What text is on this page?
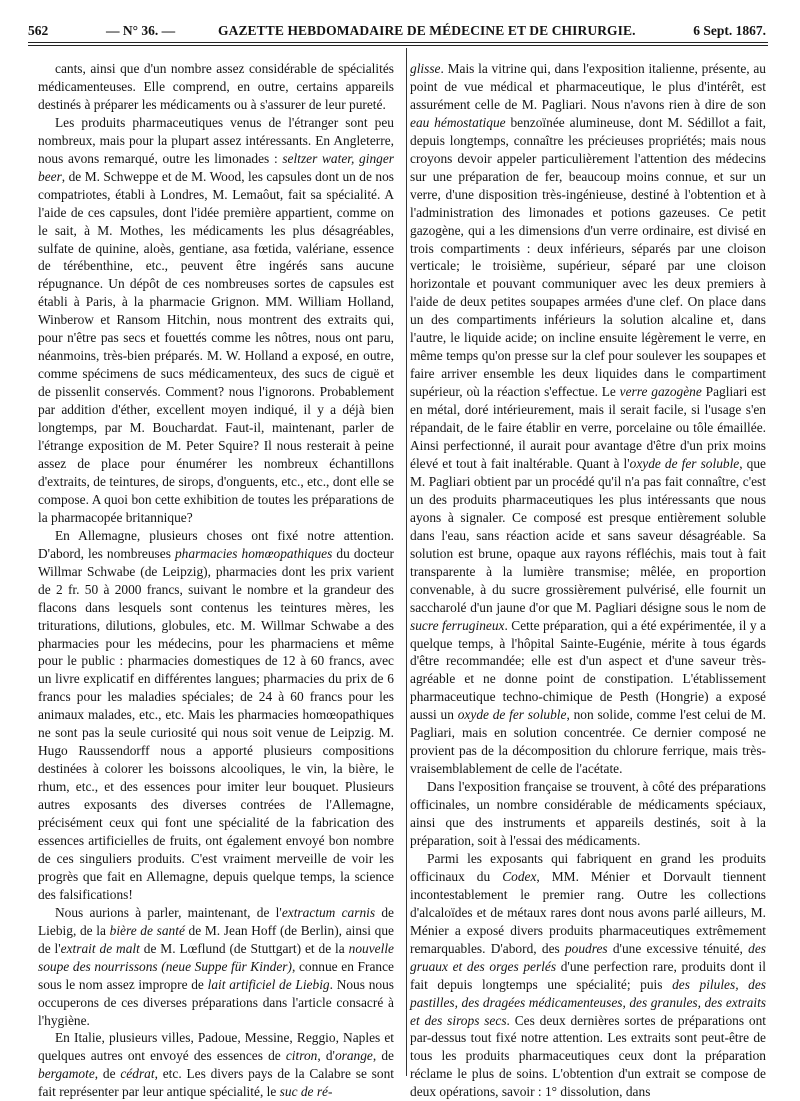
562	— N° 36. —	GAZETTE HEBDOMADAIRE DE MÉDECINE ET DE CHIRURGIE.	6 Sept. 1867.

cants, ainsi que d'un nombre assez considérable de spécialités médicamenteuses. Elle comprend, en outre, certains appareils destinés à préparer les médicaments ou à s'assurer de leur pureté.

Les produits pharmaceutiques venus de l'étranger sont peu nombreux, mais pour la plupart assez intéressants. En Angleterre, nous avons remarqué, outre les limonades : seltzer water, ginger beer, de M. Schweppe et de M. Wood, les capsules dont un de nos compatriotes, établi à Londres, M. Lemaôut, fait sa spécialité. A l'aide de ces capsules, dont l'idée première appartient, comme on le sait, à M. Mothes, les médicaments les plus désagréables, sulfate de quinine, aloès, gentiane, asa fœtida, valériane, essence de térébenthine, etc., peuvent être ingérés sans aucune répugnance. Un dépôt de ces nombreuses sortes de capsules est établi à Paris, à la pharmacie Grignon. MM. William Holland, Winberow et Ransom Hitchin, nous montrent des extraits qui, pour n'être pas secs et fouettés comme les nôtres, nous ont paru, néanmoins, très-bien préparés. M. W. Holland a exposé, en outre, comme spécimens de sucs médicamenteux, des sucs de ciguë et de pissenlit conservés. Comment? nous l'ignorons. Probablement par addition d'éther, excellent moyen indiqué, il y a déjà bien longtemps, par M. Bouchardat. Faut-il, maintenant, parler de l'étrange exposition de M. Peter Squire? Il nous resterait à peine assez de place pour énumérer les nombreux échantillons d'extraits, de teintures, de sirops, d'onguents, etc., etc., dont elle se compose. A quoi bon cette exhibition de toutes les préparations de la pharmacopée britannique?

En Allemagne, plusieurs choses ont fixé notre attention. D'abord, les nombreuses pharmacies homœopathiques du docteur Willmar Schwabe (de Leipzig), pharmacies dont les prix varient de 2 fr. 50 à 2000 francs, suivant le nombre et la grandeur des flacons dans lesquels sont contenus les teintures mères, les triturations, dilutions, globules, etc. M. Willmar Schwabe a des pharmacies pour les médecins, pour les pharmaciens et même pour le public : pharmacies domestiques de 12 à 60 francs, avec un livre explicatif en différentes langues; pharmacies du prix de 6 francs pour les maladies spéciales; de 24 à 60 francs pour les animaux malades, etc., etc. Mais les pharmacies homœopathiques ne sont pas la seule curiosité qui nous soit venue de Leipzig. M. Hugo Raussendorff nous a apporté plusieurs compositions destinées à colorer les boissons alcooliques, le vin, la bière, le rhum, etc., et des essences pour imiter leur bouquet. Plusieurs autres exposants des diverses contrées de l'Allemagne, précisément ceux qui font une spécialité de la fabrication des essences artificielles de fruits, ont également envoyé bon nombre de ces singuliers produits. C'est vraiment merveille de voir les progrès que fait en Allemagne, depuis quelque temps, la science des falsifications!

Nous aurions à parler, maintenant, de l'extractum carnis de Liebig, de la bière de santé de M. Jean Hoff (de Berlin), ainsi que de l'extrait de malt de M. Lœflund (de Stuttgart) et de la nouvelle soupe des nourrissons (neue Suppe für Kinder), connue en France sous le nom assez impropre de lait artificiel de Liebig. Nous nous occuperons de ces diverses préparations dans l'article consacré à l'hygiène.

En Italie, plusieurs villes, Padoue, Messine, Reggio, Naples et quelques autres ont envoyé des essences de citron, d'orange, de bergamote, de cédrat, etc. Les divers pays de la Calabre se sont fait représenter par leur antique spécialité, le suc de ré-

glisse. Mais la vitrine qui, dans l'exposition italienne, présente, au point de vue médical et pharmaceutique, le plus d'intérêt, est assurément celle de M. Pagliari. Nous n'avons rien à dire de son eau hémostatique benzoïnée alumineuse, dont M. Sédillot a fait, depuis longtemps, connaître les précieuses propriétés; mais nous croyons devoir appeler particulièrement l'attention des médecins sur une préparation de fer, beaucoup moins connue, et sur un verre, d'une disposition très-ingénieuse, destiné à l'obtention et à l'administration des limonades et potions gazeuses. Ce petit gazogène, qui a les dimensions d'un verre ordinaire, est divisé en trois compartiments : deux inférieurs, séparés par une cloison verticale; le troisième, supérieur, séparé par une cloison horizontale et pouvant communiquer avec les deux premiers à l'aide de deux petites soupapes armées d'une clef. On place dans un des compartiments inférieurs la solution alcaline et, dans l'autre, le liquide acide; on incline ensuite légèrement le verre, en même temps qu'on presse sur la clef pour soulever les soupapes et faire arriver ensemble les deux liquides dans le compartiment supérieur, où la réaction s'effectue. Le verre gazogène Pagliari est en métal, doré intérieurement, mais il serait facile, si l'usage s'en répandait, de le faire établir en verre, porcelaine ou tôle émaillée. Ainsi perfectionné, il aurait pour avantage d'être d'un prix moins élevé et tout à fait inaltérable. Quant à l'oxyde de fer soluble, que M. Pagliari obtient par un procédé qu'il n'a pas fait connaître, c'est un des produits pharmaceutiques les plus intéressants que nous ayons à signaler. Ce composé est presque entièrement soluble dans l'eau, sans réaction acide et sans saveur désagréable. Sa solution est brune, opaque aux rayons réfléchis, mais tout à fait transparente à la lumière transmise; mêlée, en proportion convenable, à du sucre grossièrement pulvérisé, elle fournit un saccharolé d'un jaune d'or que M. Pagliari désigne sous le nom de sucre ferrugineux. Cette préparation, qui a été expérimentée, il y a quelque temps, à l'hôpital Sainte-Eugénie, mérite à tous égards d'être recommandée; elle est d'un aspect et d'une saveur très-agréable et ne donne point de constipation. L'établissement pharmaceutique techno-chimique de Pesth (Hongrie) a exposé aussi un oxyde de fer soluble, non solide, comme l'est celui de M. Pagliari, mais en solution concentrée. Ce dernier composé ne provient pas de la décomposition du chlorure ferrique, mais très-vraisemblablement de celle de l'acétate.

Dans l'exposition française se trouvent, à côté des préparations officinales, un nombre considérable de médicaments spéciaux, ainsi que des instruments et appareils destinés, soit à la préparation, soit à l'essai des médicaments.

Parmi les exposants qui fabriquent en grand les produits officinaux du Codex, MM. Ménier et Dorvault tiennent incontestablement le premier rang. Outre les collections d'alcaloïdes et de métaux rares dont nous avons parlé ailleurs, M. Ménier a exposé divers produits pharmaceutiques extrêmement remarquables. D'abord, des poudres d'une excessive ténuité, des gruaux et des orges perlés d'une perfection rare, produits dont il fait depuis longtemps une spécialité; puis des pilules, des pastilles, des dragées médicamenteuses, des granules, des extraits et des sirops secs. Ces deux dernières sortes de préparations ont par-dessus tout fixé notre attention. Les extraits sont peut-être de tous les produits pharmaceutiques ceux dont la préparation réclame le plus de soins. L'obtention d'un extrait se compose de deux opérations, savoir : 1° dissolution, dans
